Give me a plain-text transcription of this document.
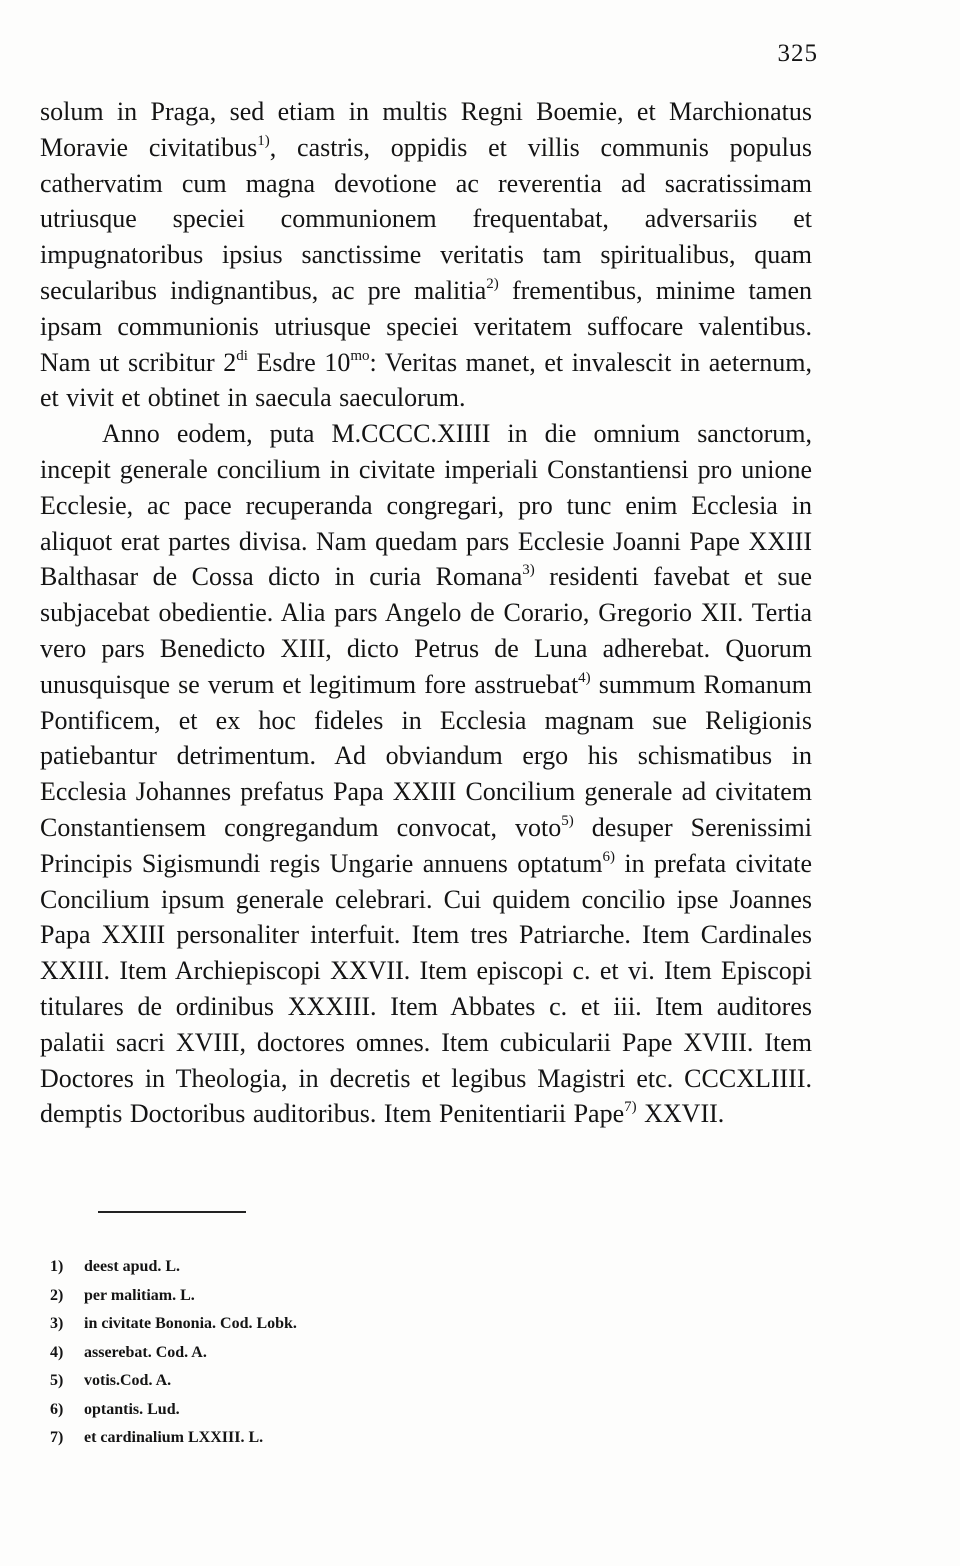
325

solum in Praga, sed etiam in multis Regni Boemie, et Marchionatus Moravie civitatibus$^{1)}$, castris, oppidis et villis communis populus cathervatim cum magna devotione ac reverentia ad sacratissimam utriusque speciei communionem frequentabat, adversariis et impugnatoribus ipsius sanctissime veritatis tam spiritualibus, quam secularibus indignantibus, ac pre malitia$^{2)}$ frementibus, minime tamen ipsam communionis utriusque speciei veritatem suffocare valentibus. Nam ut scribitur $2^{di}$ Esdre $10^{mo}$: Veritas manet, et invalescit in aeternum, et vivit et obtinet in saecula saeculorum.

Anno eodem, puta M.CCCC.XIIII in die omnium sanctorum, incepit generale concilium in civitate imperiali Constantiensi pro unione Ecclesie, ac pace recuperanda congregari, pro tunc enim Ecclesia in aliquot erat partes divisa. Nam quedam pars Ecclesie Joanni Pape XXIII Balthasar de Cossa dicto in curia Romana$^{3)}$ residenti favebat et sue subjacebat obedientie. Alia pars Angelo de Corario, Gregorio XII. Tertia vero pars Benedicto XIII, dicto Petrus de Luna adherebat. Quorum unusquisque se verum et legitimum fore asstruebat$^{4)}$ summum Romanum Pontificem, et ex hoc fideles in Ecclesia magnam sue Religionis patiebantur detrimentum. Ad obviandum ergo his schismatibus in Ecclesia Johannes prefatus Papa XXIII Concilium generale ad civitatem Constantiensem congregandum convocat, voto$^{5)}$ desuper Serenissimi Principis Sigismundi regis Ungarie annuens optatum$^{6)}$ in prefata civitate Concilium ipsum generale celebrari. Cui quidem concilio ipse Joannes Papa XXIII personaliter interfuit. Item tres Patriarche. Item Cardinales XXIII. Item Archiepiscopi XXVII. Item episcopi c. et vi. Item Episcopi titulares de ordinibus XXXIII. Item Abbates c. et iii. Item auditores palatii sacri XVIII, doctores omnes. Item cubicularii Pape XVIII. Item Doctores in Theologia, in decretis et legibus Magistri etc. CCCXLIIII. demptis Doctoribus auditoribus. Item Penitentiarii Pape$^{7)}$ XXVII.

1) deest apud. L.
2) per malitiam. L.
3) in civitate Bononia. Cod. Lobk.
4) asserebat. Cod. A.
5) votis.Cod. A.
6) optantis. Lud.
7) et cardinalium LXXIII. L.
